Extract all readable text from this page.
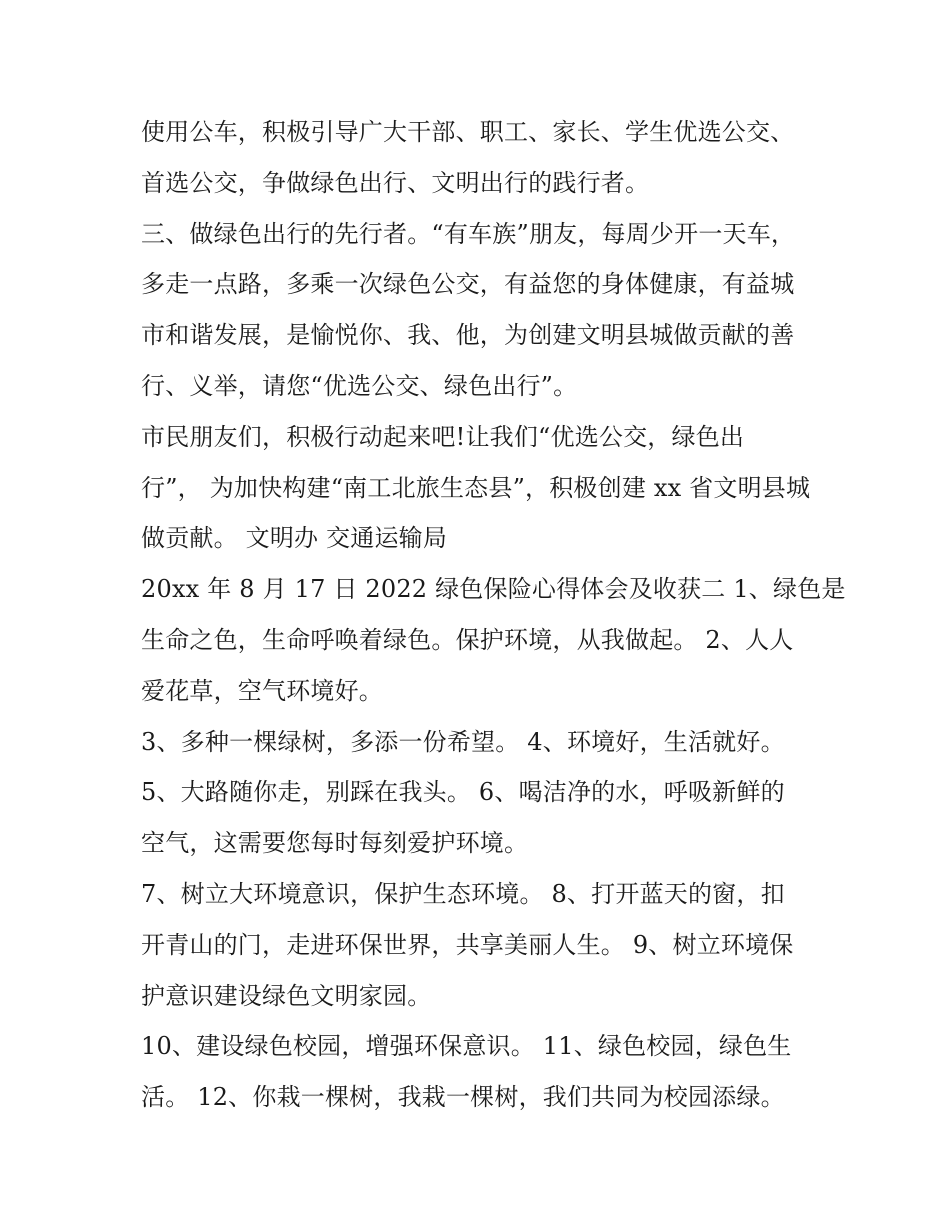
使用公车，积极引导广大干部、职工、家长、学生优选公交、
首选公交，争做绿色出行、文明出行的践行者。
三、做绿色出行的先行者。“有车族”朋友，每周少开一天车，
多走一点路，多乘一次绿色公交，有益您的身体健康，有益城
市和谐发展，是愉悦你、我、他，为创建文明县城做贡献的善
行、义举，请您“优选公交、绿色出行”。
市民朋友们，积极行动起来吧!让我们“优选公交，绿色出
行”， 为加快构建“南工北旅生态县”，积极创建 xx 省文明县城
做贡献。 文明办 交通运输局
20xx 年 8 月 17 日 2022 绿色保险心得体会及收获二 1、绿色是
生命之色，生命呼唤着绿色。保护环境，从我做起。 2、人人
爱花草，空气环境好。
3、多种一棵绿树，多添一份希望。 4、环境好，生活就好。
5、大路随你走，别踩在我头。 6、喝洁净的水，呼吸新鲜的
空气，这需要您每时每刻爱护环境。
7、树立大环境意识，保护生态环境。 8、打开蓝天的窗，扣
开青山的门，走进环保世界，共享美丽人生。 9、树立环境保
护意识建设绿色文明家园。
10、建设绿色校园，增强环保意识。 11、绿色校园，绿色生
活。 12、你栽一棵树，我栽一棵树，我们共同为校园添绿。
